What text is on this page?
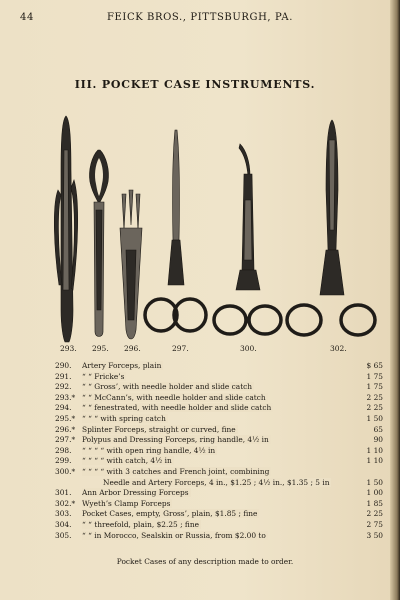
44	FEICK BROS., PITTSBURGH, PA.
III. POCKET CASE INSTRUMENTS.
293. 295. 296.	297.	300.	302.
290. Artery Forceps, plain .....	$ 65
291. “ “ Fricke’s .....	1 75
292. “ “ Gross’, with needle holder and slide catch .....	1 75
293.* “ “ McCann’s, with needle holder and slide catch .....	2 25
294. “ “ fenestrated, with needle holder and slide catch .....	2 25
295.* “ “ “ with spring catch .....	1 50
296.* Splinter Forceps, straight or curved, fine .....	65
297.* Polypus and Dressing Forceps, ring handle, 4½ in .....	90
298. “ “ “ “ with open ring handle, 4½ in .....	1 10
299. “ “ “ “ with catch, 4½ in .....	1 10
300.* “ “ “ “ with 3 catches and French joint, combining .....
Needle and Artery Forceps, 4 in., $1.25 ; 4½ in., $1.35 ; 5 in .....	1 50
301. Ann Arbor Dressing Forceps .....	1 00
302.* Wyeth’s Clamp Forceps .....	1 85
303. Pocket Cases, empty, Gross’, plain, $1.85 ; fine .....	2 25
304. “ “ threefold, plain, $2.25 ; fine .....	2 75
305. “ “ in Morocco, Sealskin or Russia, from $2.00 to .....	3 50
Pocket Cases of any description made to order.
